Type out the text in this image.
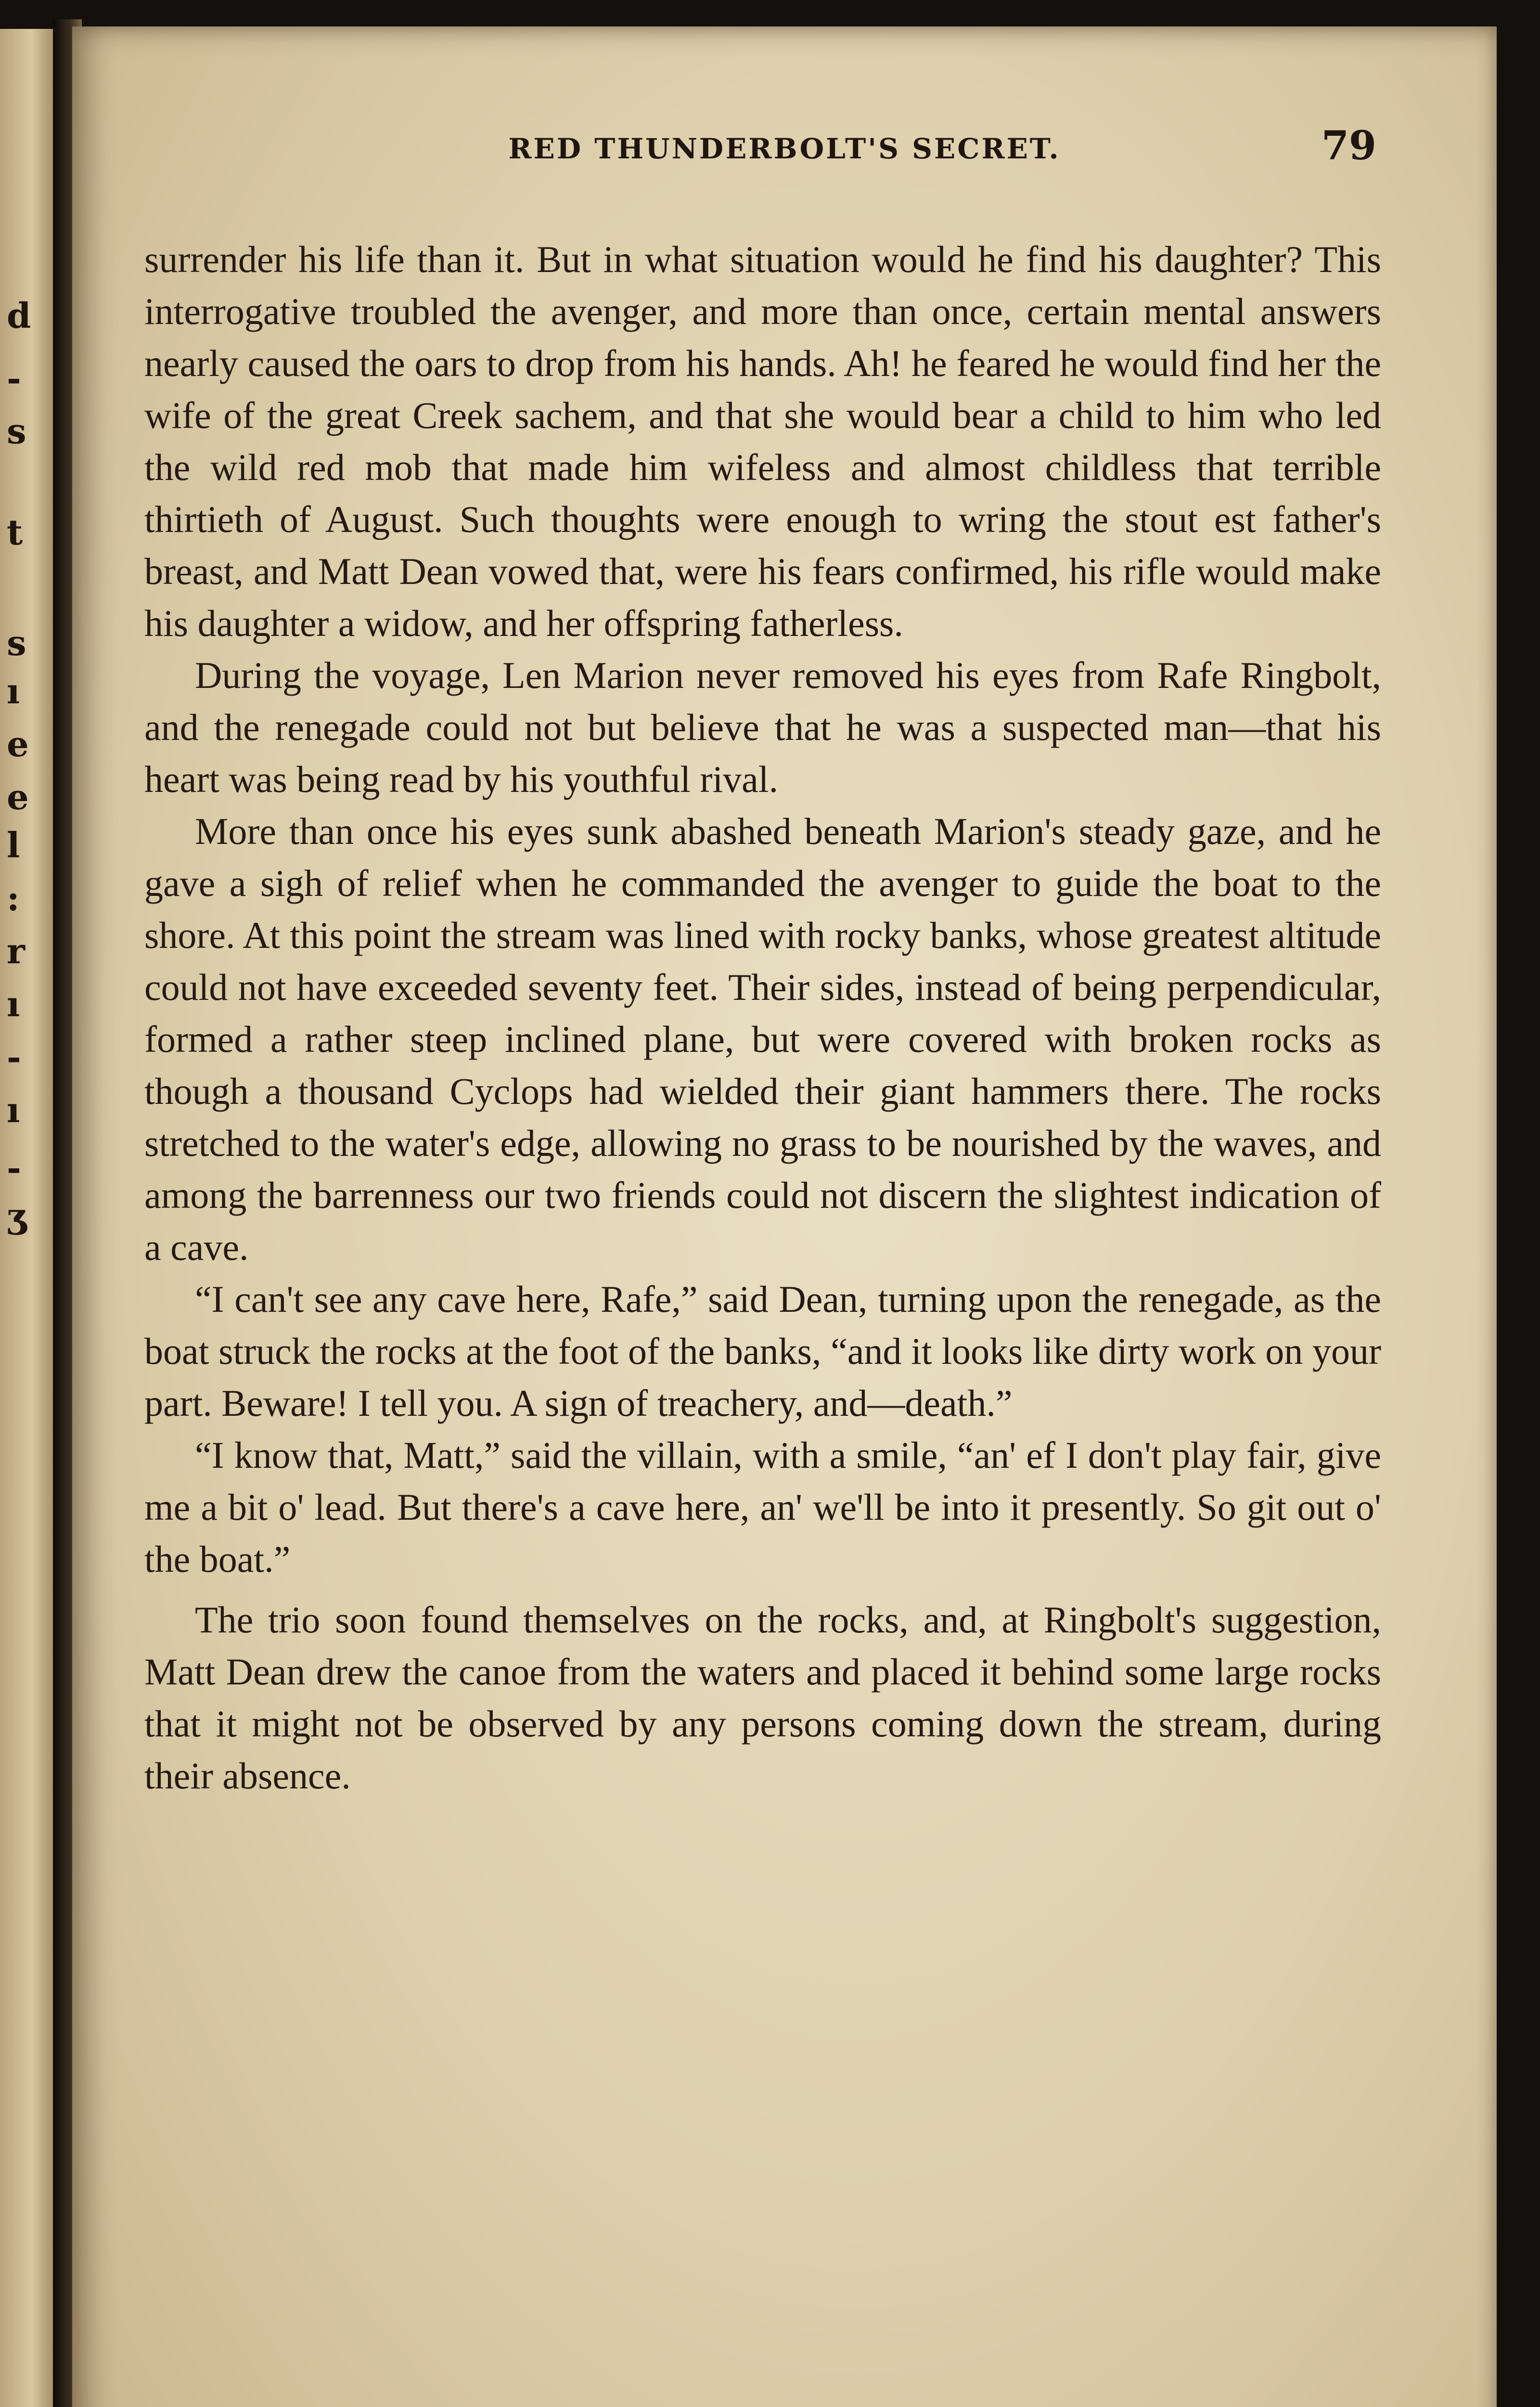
d
-
s
t
s
ı
e
e
l
:
r
ı
-
ı
-
ʒ
RED THUNDERBOLT'S SECRET.	79

surrender his life than it. But in what situation would he find his daughter? This interrogative troubled the avenger, and more than once, certain mental answers nearly caused the oars to drop from his hands. Ah! he feared he would find her the wife of the great Creek sachem, and that she would bear a child to him who led the wild red mob that made him wifeless and almost childless that terrible thirtieth of August. Such thoughts were enough to wring the stout est father's breast, and Matt Dean vowed that, were his fears confirmed, his rifle would make his daughter a widow, and her offspring fatherless.

During the voyage, Len Marion never removed his eyes from Rafe Ringbolt, and the renegade could not but believe that he was a suspected man—that his heart was being read by his youthful rival.

More than once his eyes sunk abashed beneath Marion's steady gaze, and he gave a sigh of relief when he commanded the avenger to guide the boat to the shore. At this point the stream was lined with rocky banks, whose greatest altitude could not have exceeded seventy feet. Their sides, instead of being perpendicular, formed a rather steep inclined plane, but were covered with broken rocks as though a thousand Cyclops had wielded their giant hammers there. The rocks stretched to the water's edge, allowing no grass to be nourished by the waves, and among the barrenness our two friends could not discern the slightest indication of a cave.

“I can't see any cave here, Rafe,” said Dean, turning upon the renegade, as the boat struck the rocks at the foot of the banks, “and it looks like dirty work on your part. Beware! I tell you. A sign of treachery, and—death.”

“I know that, Matt,” said the villain, with a smile, “an' ef I don't play fair, give me a bit o' lead. But there's a cave here, an' we'll be into it presently. So git out o' the boat.”

The trio soon found themselves on the rocks, and, at Ringbolt's suggestion, Matt Dean drew the canoe from the waters and placed it behind some large rocks that it might not be observed by any persons coming down the stream, during their absence.
